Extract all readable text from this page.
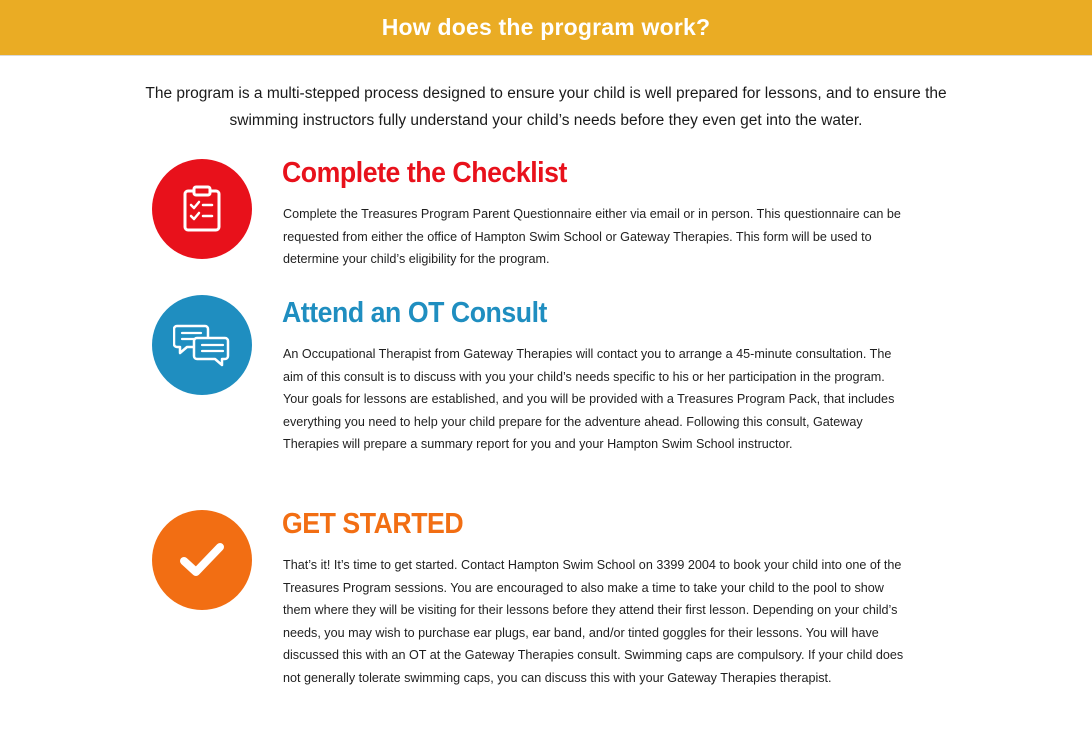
How does the program work?

The program is a multi-stepped process designed to ensure your child is well prepared for lessons, and to ensure the swimming instructors fully understand your child’s needs before they even get into the water.

Complete the Checklist

Complete the Treasures Program Parent Questionnaire either via email or in person. This questionnaire can be requested from either the office of Hampton Swim School or Gateway Therapies. This form will be used to determine your child’s eligibility for the program.

Attend an OT Consult

An Occupational Therapist from Gateway Therapies will contact you to arrange a 45-minute consultation. The aim of this consult is to discuss with you your child’s needs specific to his or her participation in the program. Your goals for lessons are established, and you will be provided with a Treasures Program Pack, that includes everything you need to help your child prepare for the adventure ahead. Following this consult, Gateway Therapies will prepare a summary report for you and your Hampton Swim School instructor.

GET STARTED

That’s it! It’s time to get started. Contact Hampton Swim School on 3399 2004 to book your child into one of the Treasures Program sessions. You are encouraged to also make a time to take your child to the pool to show them where they will be visiting for their lessons before they attend their first lesson. Depending on your child’s needs, you may wish to purchase ear plugs, ear band, and/or tinted goggles for their lessons. You will have discussed this with an OT at the Gateway Therapies consult. Swimming caps are compulsory. If your child does not generally tolerate swimming caps, you can discuss this with your Gateway Therapies therapist.
